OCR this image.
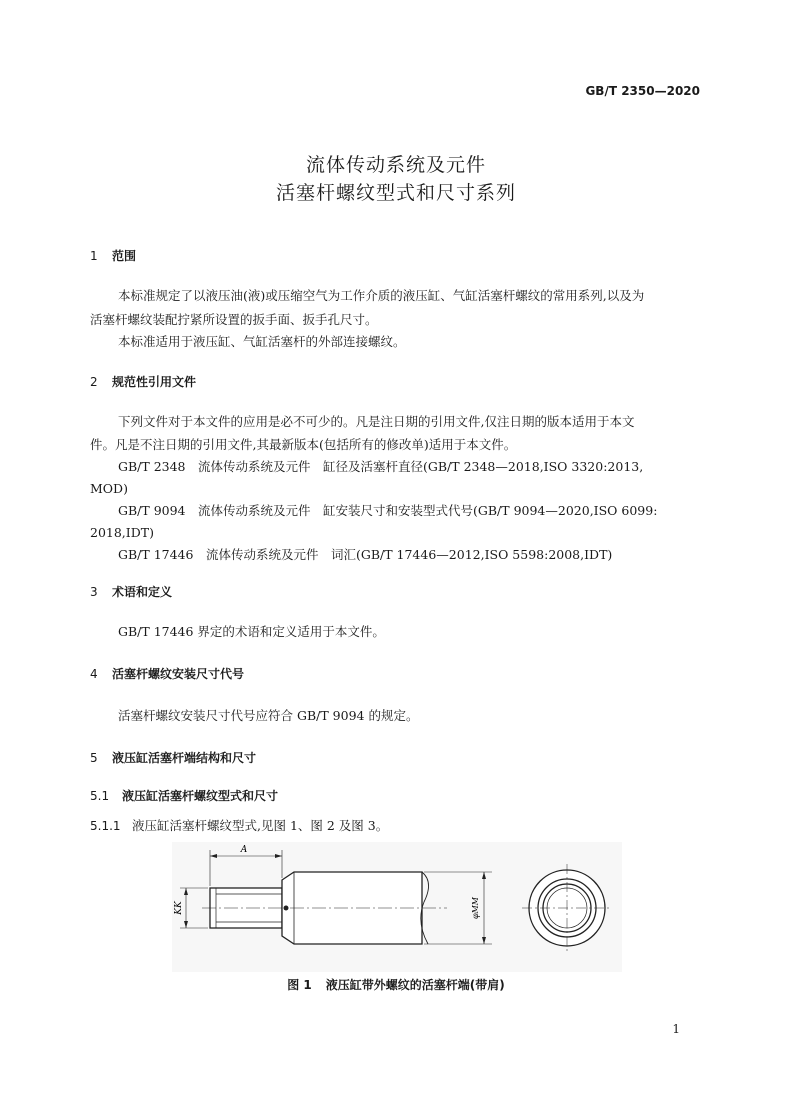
GB/T 2350—2020
流体传动系统及元件
活塞杆螺纹型式和尺寸系列
1 范围
本标准规定了以液压油(液)或压缩空气为工作介质的液压缸、气缸活塞杆螺纹的常用系列,以及为
活塞杆螺纹装配拧紧所设置的扳手面、扳手孔尺寸。
本标准适用于液压缸、气缸活塞杆的外部连接螺纹。
2 规范性引用文件
下列文件对于本文件的应用是必不可少的。凡是注日期的引用文件,仅注日期的版本适用于本文
件。凡是不注日期的引用文件,其最新版本(包括所有的修改单)适用于本文件。
GB/T 2348　流体传动系统及元件　缸径及活塞杆直径(GB/T 2348—2018,ISO 3320:2013,
MOD)
GB/T 9094　流体传动系统及元件　缸安装尺寸和安装型式代号(GB/T 9094—2020,ISO 6099:
2018,IDT)
GB/T 17446　流体传动系统及元件　词汇(GB/T 17446—2012,ISO 5598:2008,IDT)
3 术语和定义
GB/T 17446 界定的术语和定义适用于本文件。
4 活塞杆螺纹安装尺寸代号
活塞杆螺纹安装尺寸代号应符合 GB/T 9094 的规定。
5 液压缸活塞杆端结构和尺寸
5.1 液压缸活塞杆螺纹型式和尺寸
5.1.1 液压缸活塞杆螺纹型式,见图 1、图 2 及图 3。
A
KK	φMM
图 1 液压缸带外螺纹的活塞杆端(带肩)
1
